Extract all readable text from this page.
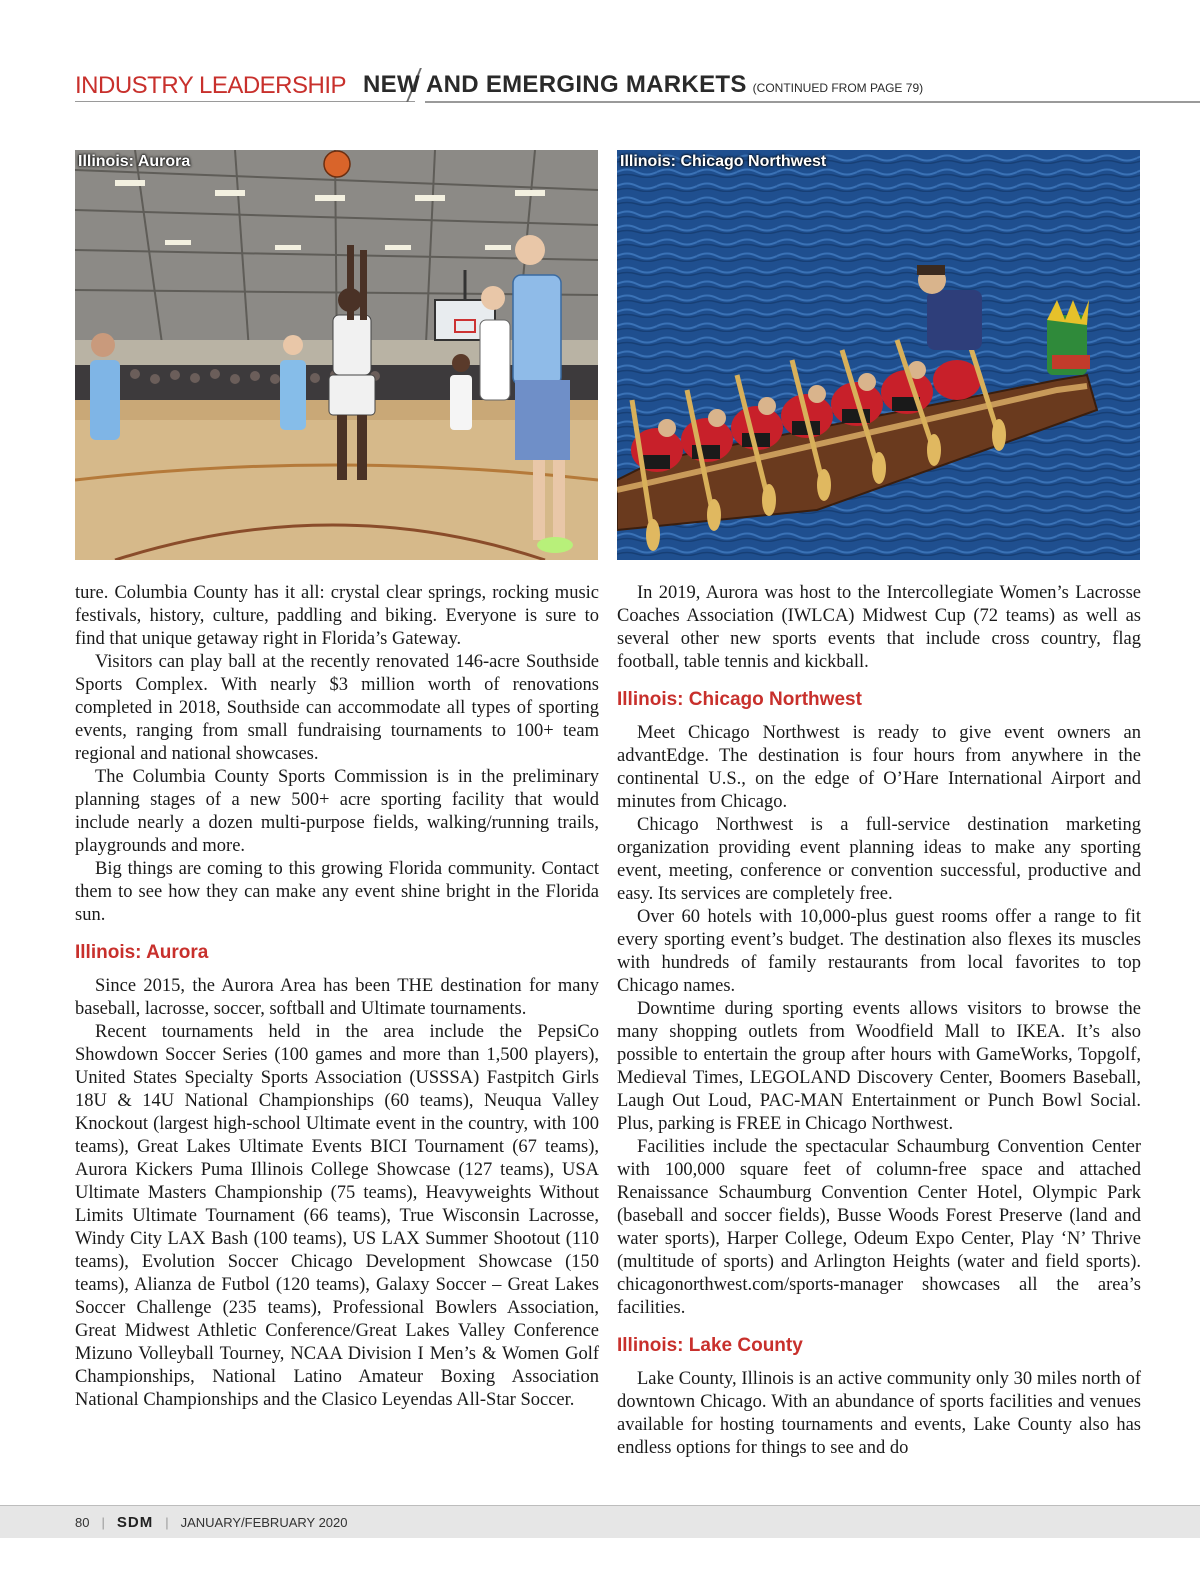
INDUSTRY LEADERSHIP NEW AND EMERGING MARKETS (CONTINUED FROM PAGE 79)
Illinois: Aurora	Illinois: Chicago Northwest

ture. Columbia County has it all: crystal clear springs, rocking music festivals, history, culture, paddling and biking. Everyone is sure to find that unique getaway right in Florida’s Gateway.

Visitors can play ball at the recently renovated 146-acre Southside Sports Complex. With nearly $3 million worth of renovations completed in 2018, Southside can accommodate all types of sporting events, ranging from small fundraising tournaments to 100+ team regional and national showcases.

The Columbia County Sports Commission is in the preliminary planning stages of a new 500+ acre sporting facility that would include nearly a dozen multi-purpose fields, walking/running trails, playgrounds and more.

Big things are coming to this growing Florida community. Contact them to see how they can make any event shine bright in the Florida sun.

Illinois: Aurora

Since 2015, the Aurora Area has been THE destination for many baseball, lacrosse, soccer, softball and Ultimate tournaments.

Recent tournaments held in the area include the PepsiCo Showdown Soccer Series (100 games and more than 1,500 players), United States Specialty Sports Association (USSSA) Fastpitch Girls 18U & 14U National Championships (60 teams), Neuqua Valley Knockout (largest high-school Ultimate event in the country, with 100 teams), Great Lakes Ultimate Events BICI Tournament (67 teams), Aurora Kickers Puma Illinois College Showcase (127 teams), USA Ultimate Masters Championship (75 teams), Heavyweights Without Limits Ultimate Tournament (66 teams), True Wisconsin Lacrosse, Windy City LAX Bash (100 teams), US LAX Summer Shootout (110 teams), Evolution Soccer Chicago Development Showcase (150 teams), Alianza de Futbol (120 teams), Galaxy Soccer – Great Lakes Soccer Challenge (235 teams), Professional Bowlers Association, Great Midwest Athletic Conference/Great Lakes Valley Conference Mizuno Volleyball Tourney, NCAA Division I Men’s & Women Golf Championships, National Latino Amateur Boxing Association National Championships and the Clasico Leyendas All-Star Soccer.

In 2019, Aurora was host to the Intercollegiate Women’s Lacrosse Coaches Association (IWLCA) Midwest Cup (72 teams) as well as several other new sports events that include cross country, flag football, table tennis and kickball.

Illinois: Chicago Northwest

Meet Chicago Northwest is ready to give event owners an advantEdge. The destination is four hours from anywhere in the continental U.S., on the edge of O’Hare International Airport and minutes from Chicago.

Chicago Northwest is a full-service destination marketing organization providing event planning ideas to make any sporting event, meeting, conference or convention successful, productive and easy. Its services are completely free.

Over 60 hotels with 10,000-plus guest rooms offer a range to fit every sporting event’s budget. The destination also flexes its muscles with hundreds of family restaurants from local favorites to top Chicago names.

Downtime during sporting events allows visitors to browse the many shopping outlets from Woodfield Mall to IKEA. It’s also possible to entertain the group after hours with GameWorks, Topgolf, Medieval Times, LEGOLAND Discovery Center, Boomers Baseball, Laugh Out Loud, PAC-MAN Entertainment or Punch Bowl Social. Plus, parking is FREE in Chicago Northwest.

Facilities include the spectacular Schaumburg Convention Center with 100,000 square feet of column-free space and attached Renaissance Schaumburg Convention Center Hotel, Olympic Park (baseball and soccer fields), Busse Woods Forest Preserve (land and water sports), Harper College, Odeum Expo Center, Play ‘N’ Thrive (multitude of sports) and Arlington Heights (water and field sports). chicagonorthwest.com/sports-manager showcases all the area’s facilities.

Illinois: Lake County

Lake County, Illinois is an active community only 30 miles north of downtown Chicago. With an abundance of sports facilities and venues available for hosting tournaments and events, Lake County also has endless options for things to see and do

80 | SDM | JANUARY/FEBRUARY 2020
